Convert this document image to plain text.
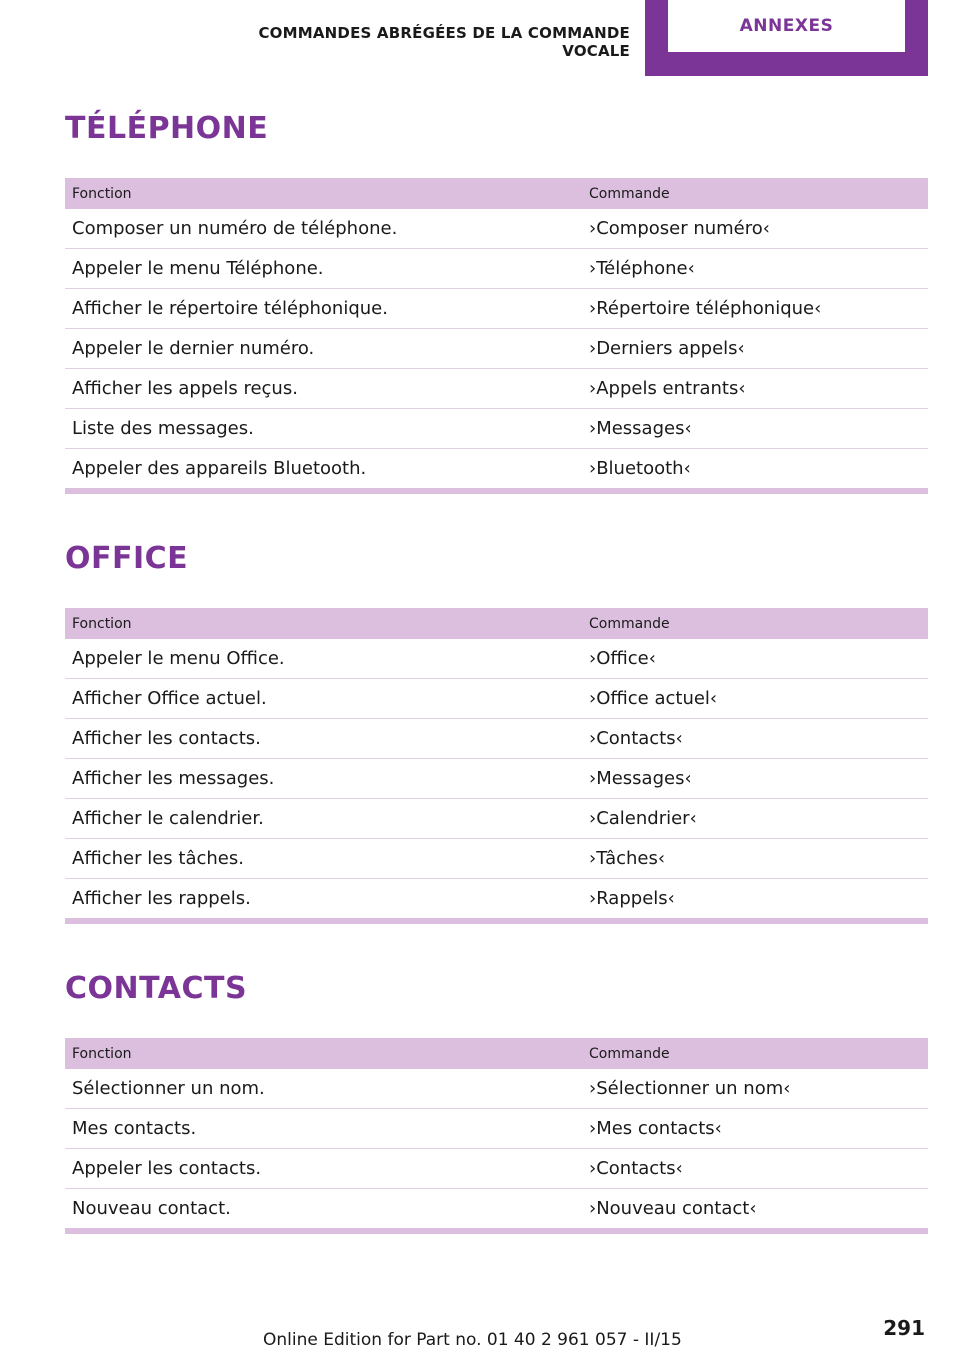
COMMANDES ABRÉGÉES DE LA COMMANDE VOCALE
ANNEXES
TÉLÉPHONE
Fonction	Commande
Composer un numéro de téléphone.	›Composer numéro‹
Appeler le menu Téléphone.	›Téléphone‹
Afficher le répertoire téléphonique.	›Répertoire téléphonique‹
Appeler le dernier numéro.	›Derniers appels‹
Afficher les appels reçus.	›Appels entrants‹
Liste des messages.	›Messages‹
Appeler des appareils Bluetooth.	›Bluetooth‹
OFFICE
Fonction	Commande
Appeler le menu Office.	›Office‹
Afficher Office actuel.	›Office actuel‹
Afficher les contacts.	›Contacts‹
Afficher les messages.	›Messages‹
Afficher le calendrier.	›Calendrier‹
Afficher les tâches.	›Tâches‹
Afficher les rappels.	›Rappels‹
CONTACTS
Fonction	Commande
Sélectionner un nom.	›Sélectionner un nom‹
Mes contacts.	›Mes contacts‹
Appeler les contacts.	›Contacts‹
Nouveau contact.	›Nouveau contact‹
Online Edition for Part no. 01 40 2 961 057 - II/15	291
